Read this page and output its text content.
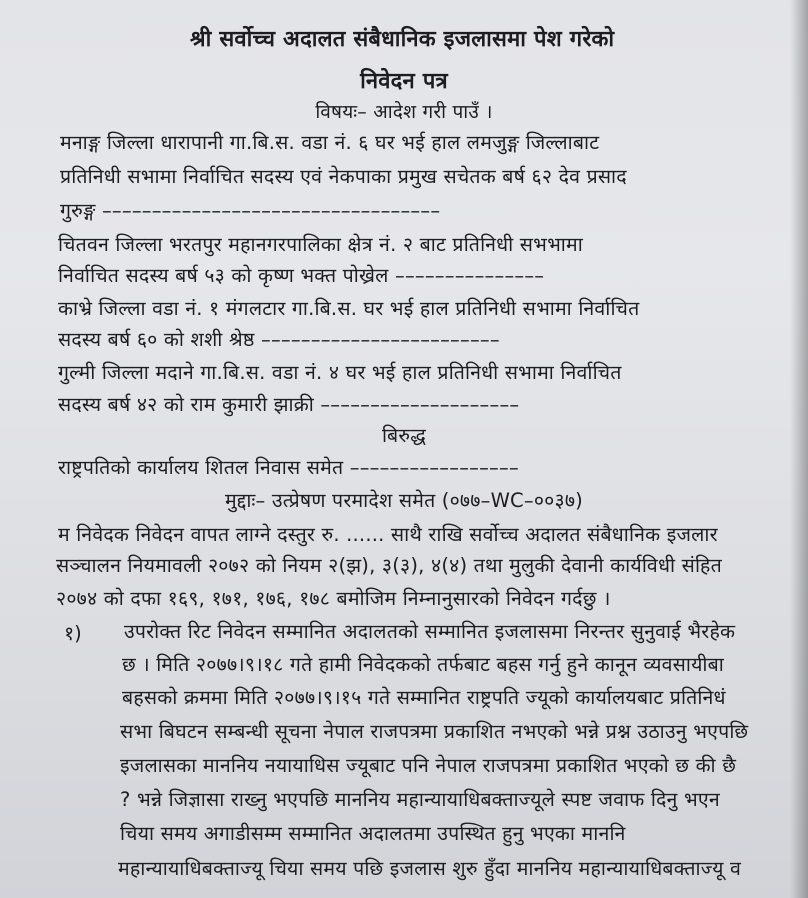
श्री सर्वोच्च अदालत संबैधानिक इजलासमा पेश गरेको
निवेदन पत्र
विषयः– आदेश गरी पाउँ ।
मनाङ्ग जिल्ला धारापानी गा.बि.स. वडा नं. ६ घर भई हाल लमजुङ्ग जिल्लाबाट
प्रतिनिधी सभामा निर्वाचित सदस्य एवं नेकपाका प्रमुख सचेतक बर्ष ६२ देव प्रसाद
गुरुङ्ग ––––––––––––––––––––––––––––––––––
चितवन जिल्ला भरतपुर महानगरपालिका क्षेत्र नं. २ बाट प्रतिनिधी सभभामा
निर्वाचित सदस्य बर्ष ५३ को कृष्ण भक्त पोख्रेल –––––––––––––––
काभ्रे जिल्ला वडा नं. १ मंगलटार गा.बि.स. घर भई हाल प्रतिनिधी सभामा निर्वाचित
सदस्य बर्ष ६० को शशी श्रेष्ठ ––––––––––––––––––––––––
गुल्मी जिल्ला मदाने गा.बि.स. वडा नं. ४ घर भई हाल प्रतिनिधी सभामा निर्वाचित
सदस्य बर्ष ४२ को राम कुमारी झाक्री ––––––––––––––––––––
बिरुद्ध
राष्ट्रपतिको कार्यालय शितल निवास समेत –––––––––––––––––
मुद्दाः– उत्प्रेषण परमादेश समेत (०७७–WC–००३७)
म निवेदक निवेदन वापत लाग्ने दस्तुर रु. ...... साथै राखि सर्वोच्च अदालत संबैधानिक इजलार
सञ्चालन नियमावली २०७२ को नियम २(झ), ३(३), ४(४) तथा मुलुकी देवानी कार्यविधी संहित
२०७४ को दफा १६९, १७१, १७६, १७८ बमोजिम निम्नानुसारको निवेदन गर्दछु ।
१) उपरोक्त रिट निवेदन सम्मानित अदालतको सम्मानित इजलासमा निरन्तर सुनुवाई भैरहेक
छ । मिति २०७७।९।१८ गते हामी निवेदकको तर्फबाट बहस गर्नु हुने कानून व्यवसायीबा
बहसको क्रममा मिति २०७७।९।१५ गते सम्मानित राष्ट्रपति ज्यूको कार्यालयबाट प्रतिनिधं
सभा बिघटन सम्बन्धी सूचना नेपाल राजपत्रमा प्रकाशित नभएको भन्ने प्रश्न उठाउनु भएपछि
इजलासका माननिय नयायाधिस ज्यूबाट पनि नेपाल राजपत्रमा प्रकाशित भएको छ की छै
? भन्ने जिज्ञासा राख्नु भएपछि माननिय महान्यायाधिबक्ताज्यूले स्पष्ट जवाफ दिनु भएन
चिया समय अगाडीसम्म सम्मानित अदालतमा उपस्थित हुनु भएका माननि
महान्यायाधिबक्ताज्यू चिया समय पछि इजलास शुरु हुँदा माननिय महान्यायाधिबक्ताज्यू व
